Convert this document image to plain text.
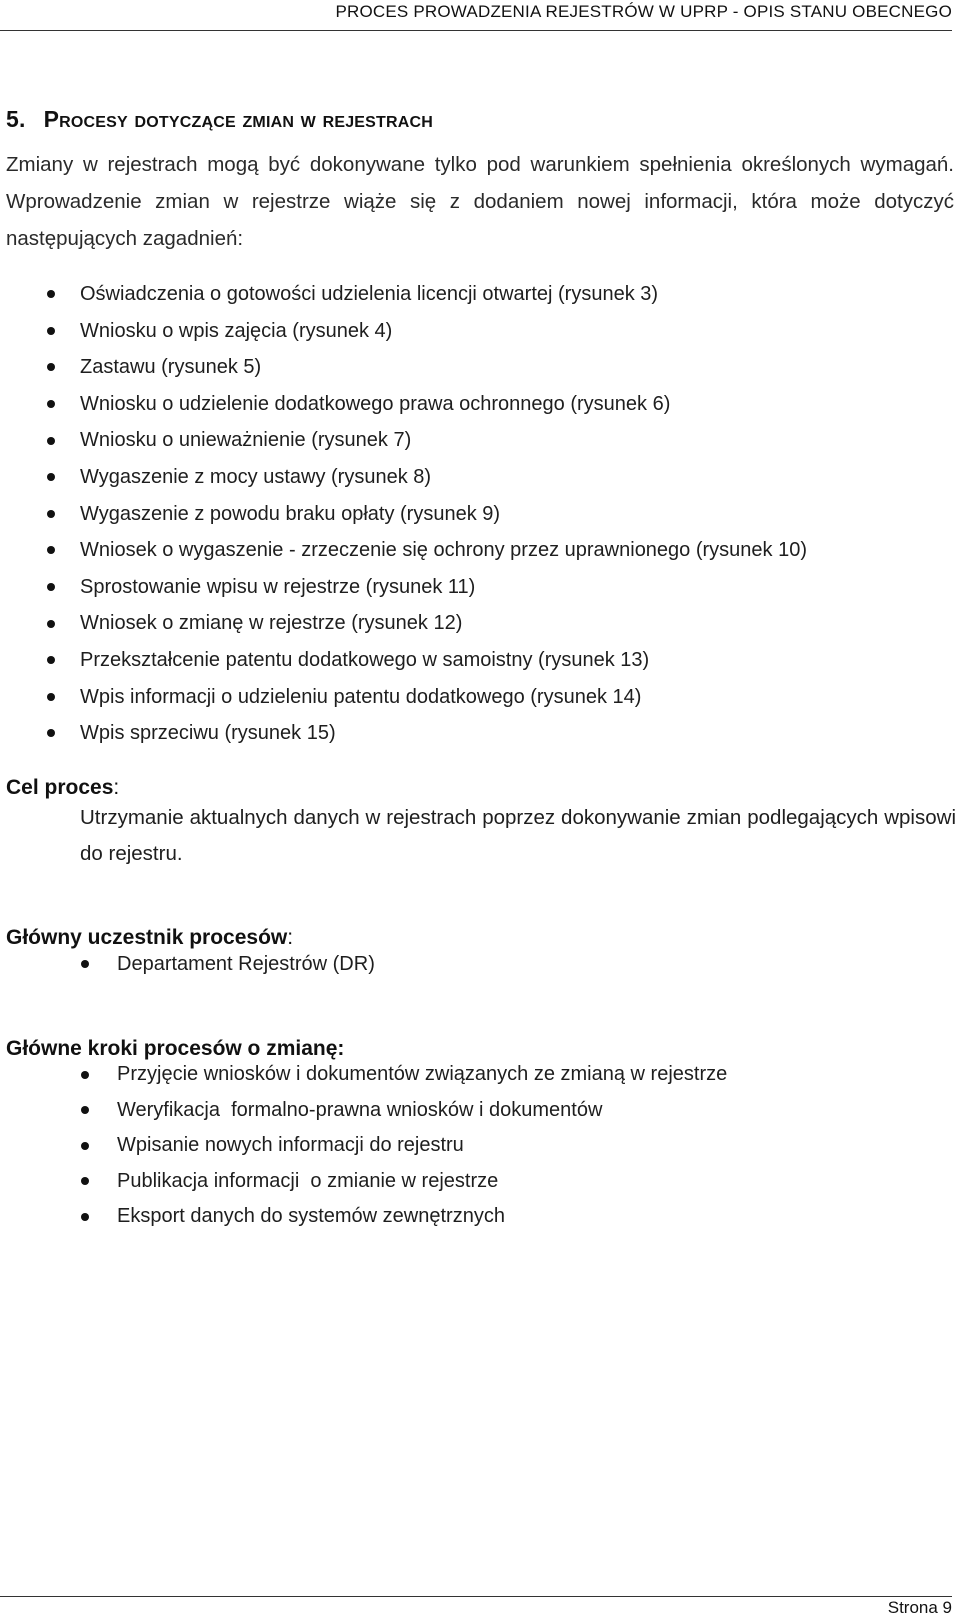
PROCES PROWADZENIA REJESTRÓW W UPRP - OPIS STANU OBECNEGO
5. Procesy dotyczące zmian w rejestrach

Zmiany w rejestrach mogą być dokonywane tylko pod warunkiem spełnienia określonych wymagań. Wprowadzenie zmian w rejestrze wiąże się z dodaniem nowej informacji, która może dotyczyć następujących zagadnień:

Oświadczenia o gotowości udzielenia licencji otwartej (rysunek 3)
Wniosku o wpis zajęcia (rysunek 4)
Zastawu (rysunek 5)
Wniosku o udzielenie dodatkowego prawa ochronnego (rysunek 6)
Wniosku o unieważnienie (rysunek 7)
Wygaszenie z mocy ustawy (rysunek 8)
Wygaszenie z powodu braku opłaty (rysunek 9)
Wniosek o wygaszenie - zrzeczenie się ochrony przez uprawnionego (rysunek 10)
Sprostowanie wpisu w rejestrze (rysunek 11)
Wniosek o zmianę w rejestrze (rysunek 12)
Przekształcenie patentu dodatkowego w samoistny (rysunek 13)
Wpis informacji o udzieleniu patentu dodatkowego (rysunek 14)
Wpis sprzeciwu (rysunek 15)
Cel proces:

Utrzymanie aktualnych danych w rejestrach poprzez dokonywanie zmian podlegających wpisowi do rejestru.

Główny uczestnik procesów:
Departament Rejestrów (DR)
Główne kroki procesów o zmianę:
Przyjęcie wniosków i dokumentów związanych ze zmianą w rejestrze
Weryfikacja  formalno-prawna wniosków i dokumentów
Wpisanie nowych informacji do rejestru
Publikacja informacji  o zmianie w rejestrze
Eksport danych do systemów zewnętrznych
Strona 9
